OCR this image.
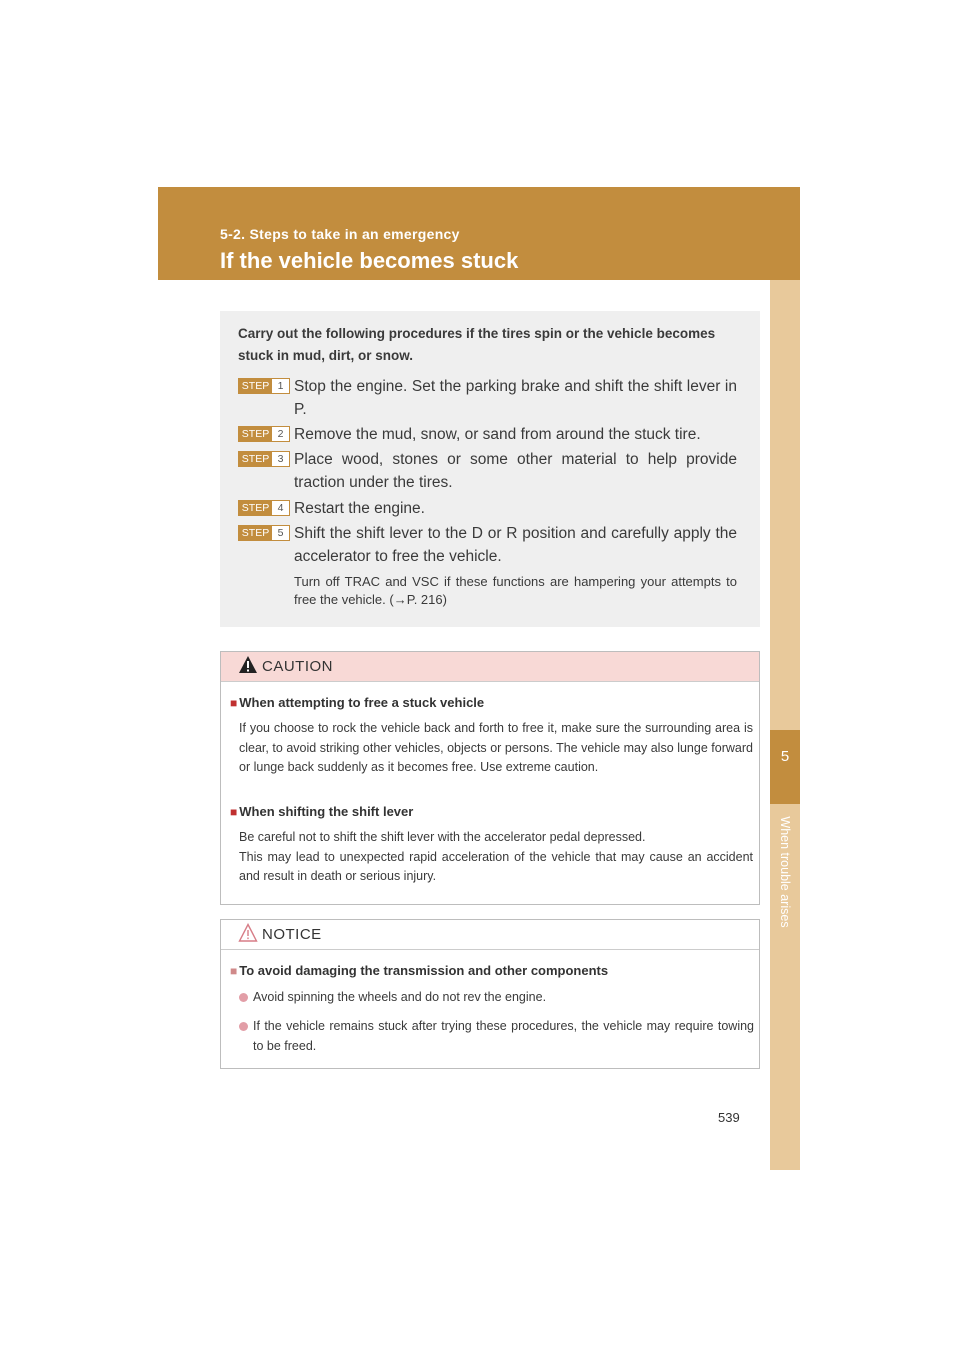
5-2. Steps to take in an emergency
If the vehicle becomes stuck
5
When trouble arises
Carry out the following procedures if the tires spin or the vehicle becomes stuck in mud, dirt, or snow.
STEP 1 Stop the engine. Set the parking brake and shift the shift lever in P.
STEP 2 Remove the mud, snow, or sand from around the stuck tire.
STEP 3 Place wood, stones or some other material to help provide traction under the tires.
STEP 4 Restart the engine.
STEP 5 Shift the shift lever to the D or R position and carefully apply the accelerator to free the vehicle.
Turn off TRAC and VSC if these functions are hampering your attempts to free the vehicle. (→P. 216)
CAUTION
■ When attempting to free a stuck vehicle
If you choose to rock the vehicle back and forth to free it, make sure the surrounding area is clear, to avoid striking other vehicles, objects or persons. The vehicle may also lunge forward or lunge back suddenly as it becomes free. Use extreme caution.
■ When shifting the shift lever
Be careful not to shift the shift lever with the accelerator pedal depressed.
This may lead to unexpected rapid acceleration of the vehicle that may cause an accident and result in death or serious injury.
NOTICE
■ To avoid damaging the transmission and other components
Avoid spinning the wheels and do not rev the engine.
If the vehicle remains stuck after trying these procedures, the vehicle may require towing to be freed.
539
